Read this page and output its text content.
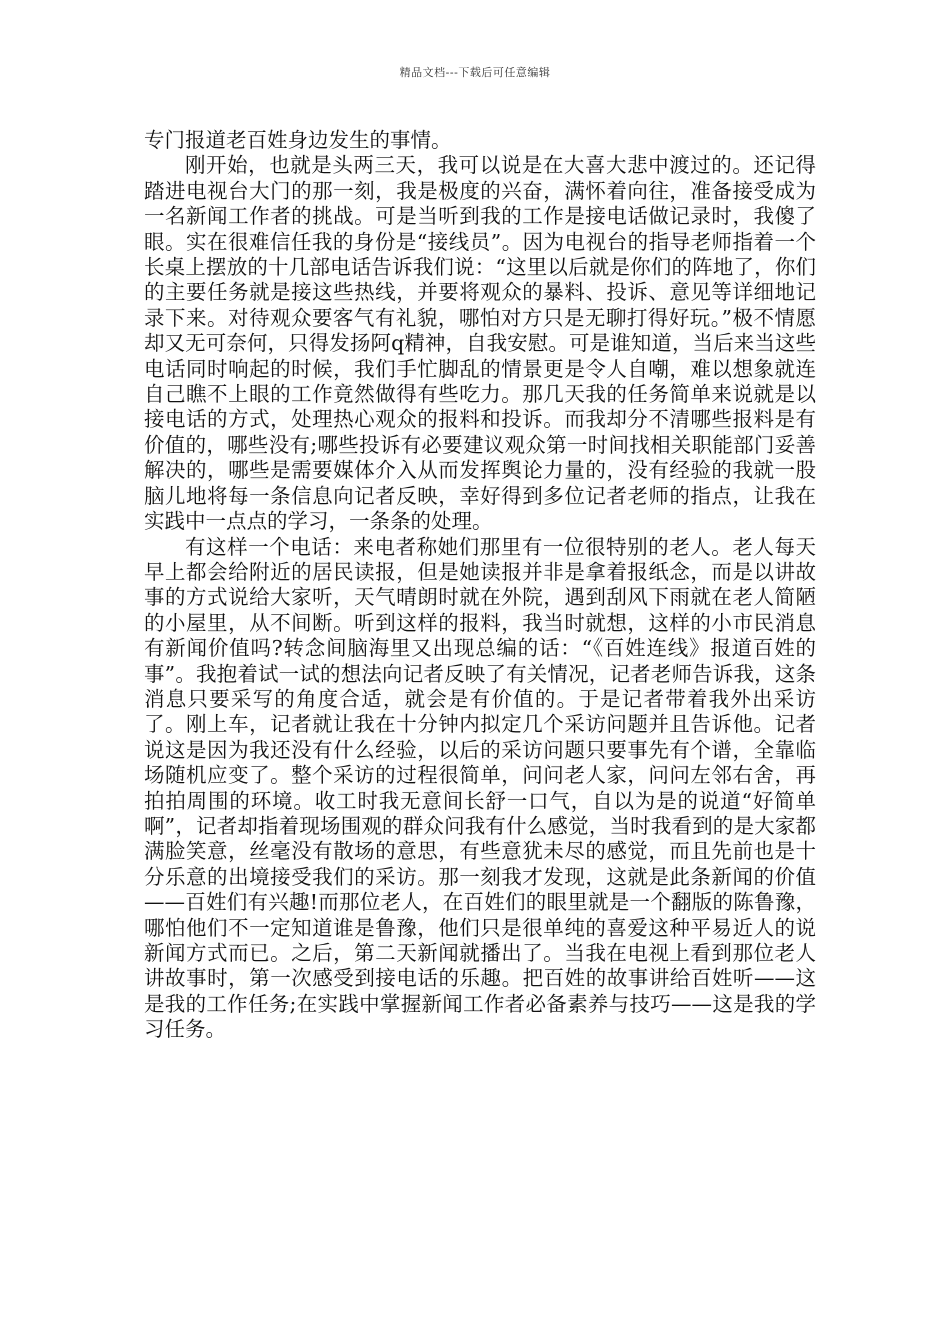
精品文档---下载后可任意编辑

专门报道老百姓身边发生的事情。

刚开始，也就是头两三天，我可以说是在大喜大悲中渡过的。还记得踏进电视台大门的那一刻，我是极度的兴奋，满怀着向往，准备接受成为一名新闻工作者的挑战。可是当听到我的工作是接电话做记录时，我傻了眼。实在很难信任我的身份是“接线员”。因为电视台的指导老师指着一个长桌上摆放的十几部电话告诉我们说：“这里以后就是你们的阵地了，你们的主要任务就是接这些热线，并要将观众的暴料、投诉、意见等详细地记录下来。对待观众要客气有礼貌，哪怕对方只是无聊打得好玩。”极不情愿却又无可奈何，只得发扬阿q精神，自我安慰。可是谁知道，当后来当这些电话同时响起的时候，我们手忙脚乱的情景更是令人自嘲，难以想象就连自己瞧不上眼的工作竟然做得有些吃力。那几天我的任务简单来说就是以接电话的方式，处理热心观众的报料和投诉。而我却分不清哪些报料是有价值的，哪些没有;哪些投诉有必要建议观众第一时间找相关职能部门妥善解决的，哪些是需要媒体介入从而发挥舆论力量的，没有经验的我就一股脑儿地将每一条信息向记者反映，幸好得到多位记者老师的指点，让我在实践中一点点的学习，一条条的处理。

有这样一个电话：来电者称她们那里有一位很特别的老人。老人每天早上都会给附近的居民读报，但是她读报并非是拿着报纸念，而是以讲故事的方式说给大家听，天气晴朗时就在外院，遇到刮风下雨就在老人简陋的小屋里，从不间断。听到这样的报料，我当时就想，这样的小市民消息有新闻价值吗?转念间脑海里又出现总编的话：“《百姓连线》报道百姓的事”。我抱着试一试的想法向记者反映了有关情况，记者老师告诉我，这条消息只要采写的角度合适，就会是有价值的。于是记者带着我外出采访了。刚上车，记者就让我在十分钟内拟定几个采访问题并且告诉他。记者说这是因为我还没有什么经验，以后的采访问题只要事先有个谱，全靠临场随机应变了。整个采访的过程很简单，问问老人家，问问左邻右舍，再拍拍周围的环境。收工时我无意间长舒一口气，自以为是的说道“好简单啊”，记者却指着现场围观的群众问我有什么感觉，当时我看到的是大家都满脸笑意，丝毫没有散场的意思，有些意犹未尽的感觉，而且先前也是十分乐意的出境接受我们的采访。那一刻我才发现，这就是此条新闻的价值——百姓们有兴趣!而那位老人，在百姓们的眼里就是一个翻版的陈鲁豫，哪怕他们不一定知道谁是鲁豫，他们只是很单纯的喜爱这种平易近人的说新闻方式而已。之后，第二天新闻就播出了。当我在电视上看到那位老人讲故事时，第一次感受到接电话的乐趣。把百姓的故事讲给百姓听——这是我的工作任务;在实践中掌握新闻工作者必备素养与技巧——这是我的学习任务。
